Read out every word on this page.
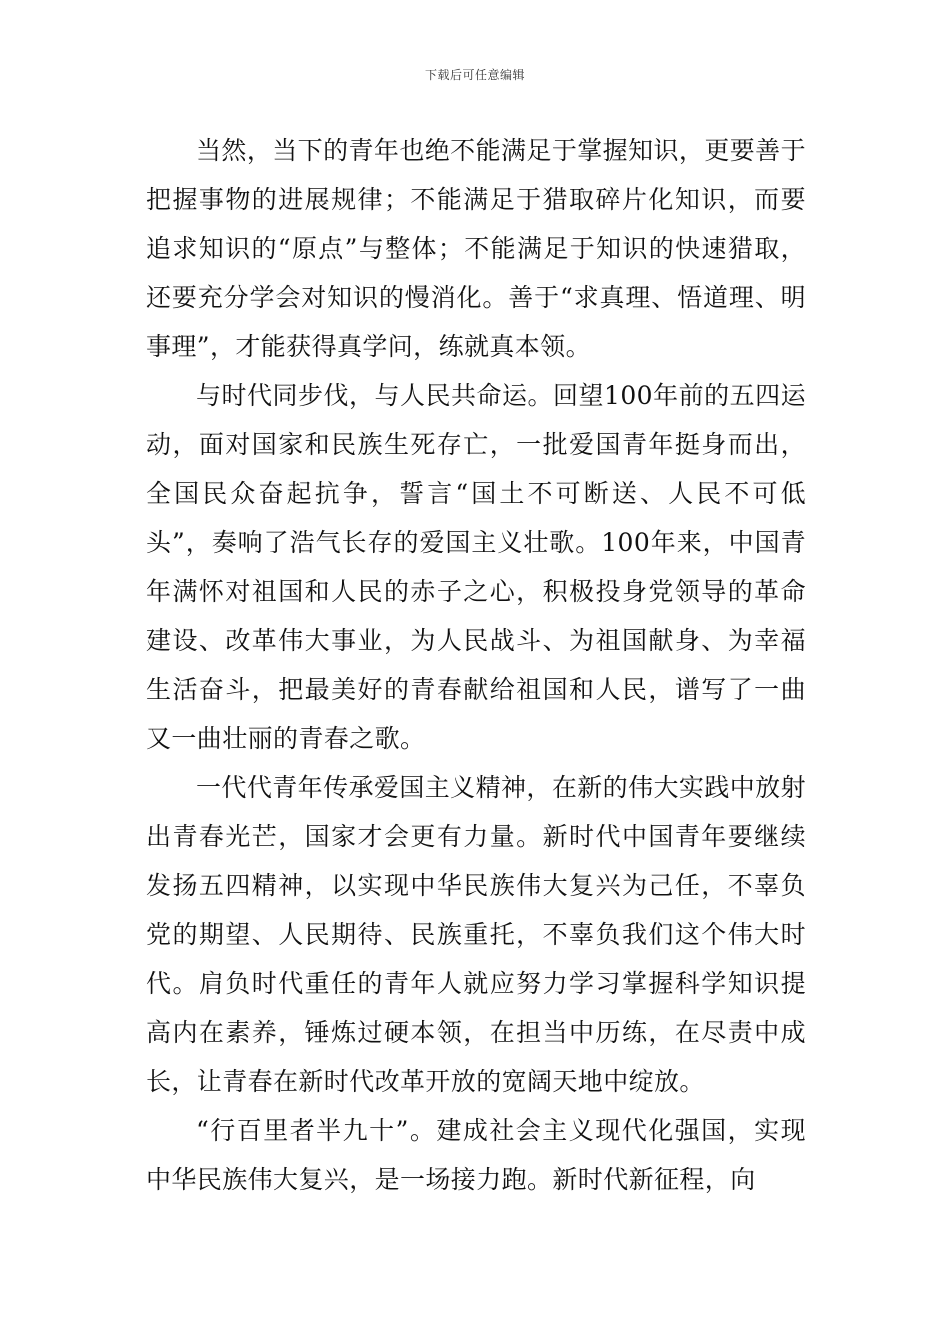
下载后可任意编辑

当然，当下的青年也绝不能满足于掌握知识，更要善于把握事物的进展规律；不能满足于猎取碎片化知识，而要追求知识的“原点”与整体；不能满足于知识的快速猎取，还要充分学会对知识的慢消化。善于“求真理、悟道理、明事理”，才能获得真学问，练就真本领。

与时代同步伐，与人民共命运。回望100年前的五四运动，面对国家和民族生死存亡，一批爱国青年挺身而出，全国民众奋起抗争，誓言“国土不可断送、人民不可低头”，奏响了浩气长存的爱国主义壮歌。100年来，中国青年满怀对祖国和人民的赤子之心，积极投身党领导的革命建设、改革伟大事业，为人民战斗、为祖国献身、为幸福生活奋斗，把最美好的青春献给祖国和人民，谱写了一曲又一曲壮丽的青春之歌。

一代代青年传承爱国主义精神，在新的伟大实践中放射出青春光芒，国家才会更有力量。新时代中国青年要继续发扬五四精神，以实现中华民族伟大复兴为己任，不辜负党的期望、人民期待、民族重托，不辜负我们这个伟大时代。肩负时代重任的青年人就应努力学习掌握科学知识提高内在素养，锤炼过硬本领，在担当中历练，在尽责中成长，让青春在新时代改革开放的宽阔天地中绽放。

“行百里者半九十”。建成社会主义现代化强国，实现中华民族伟大复兴，是一场接力跑。新时代新征程，向
